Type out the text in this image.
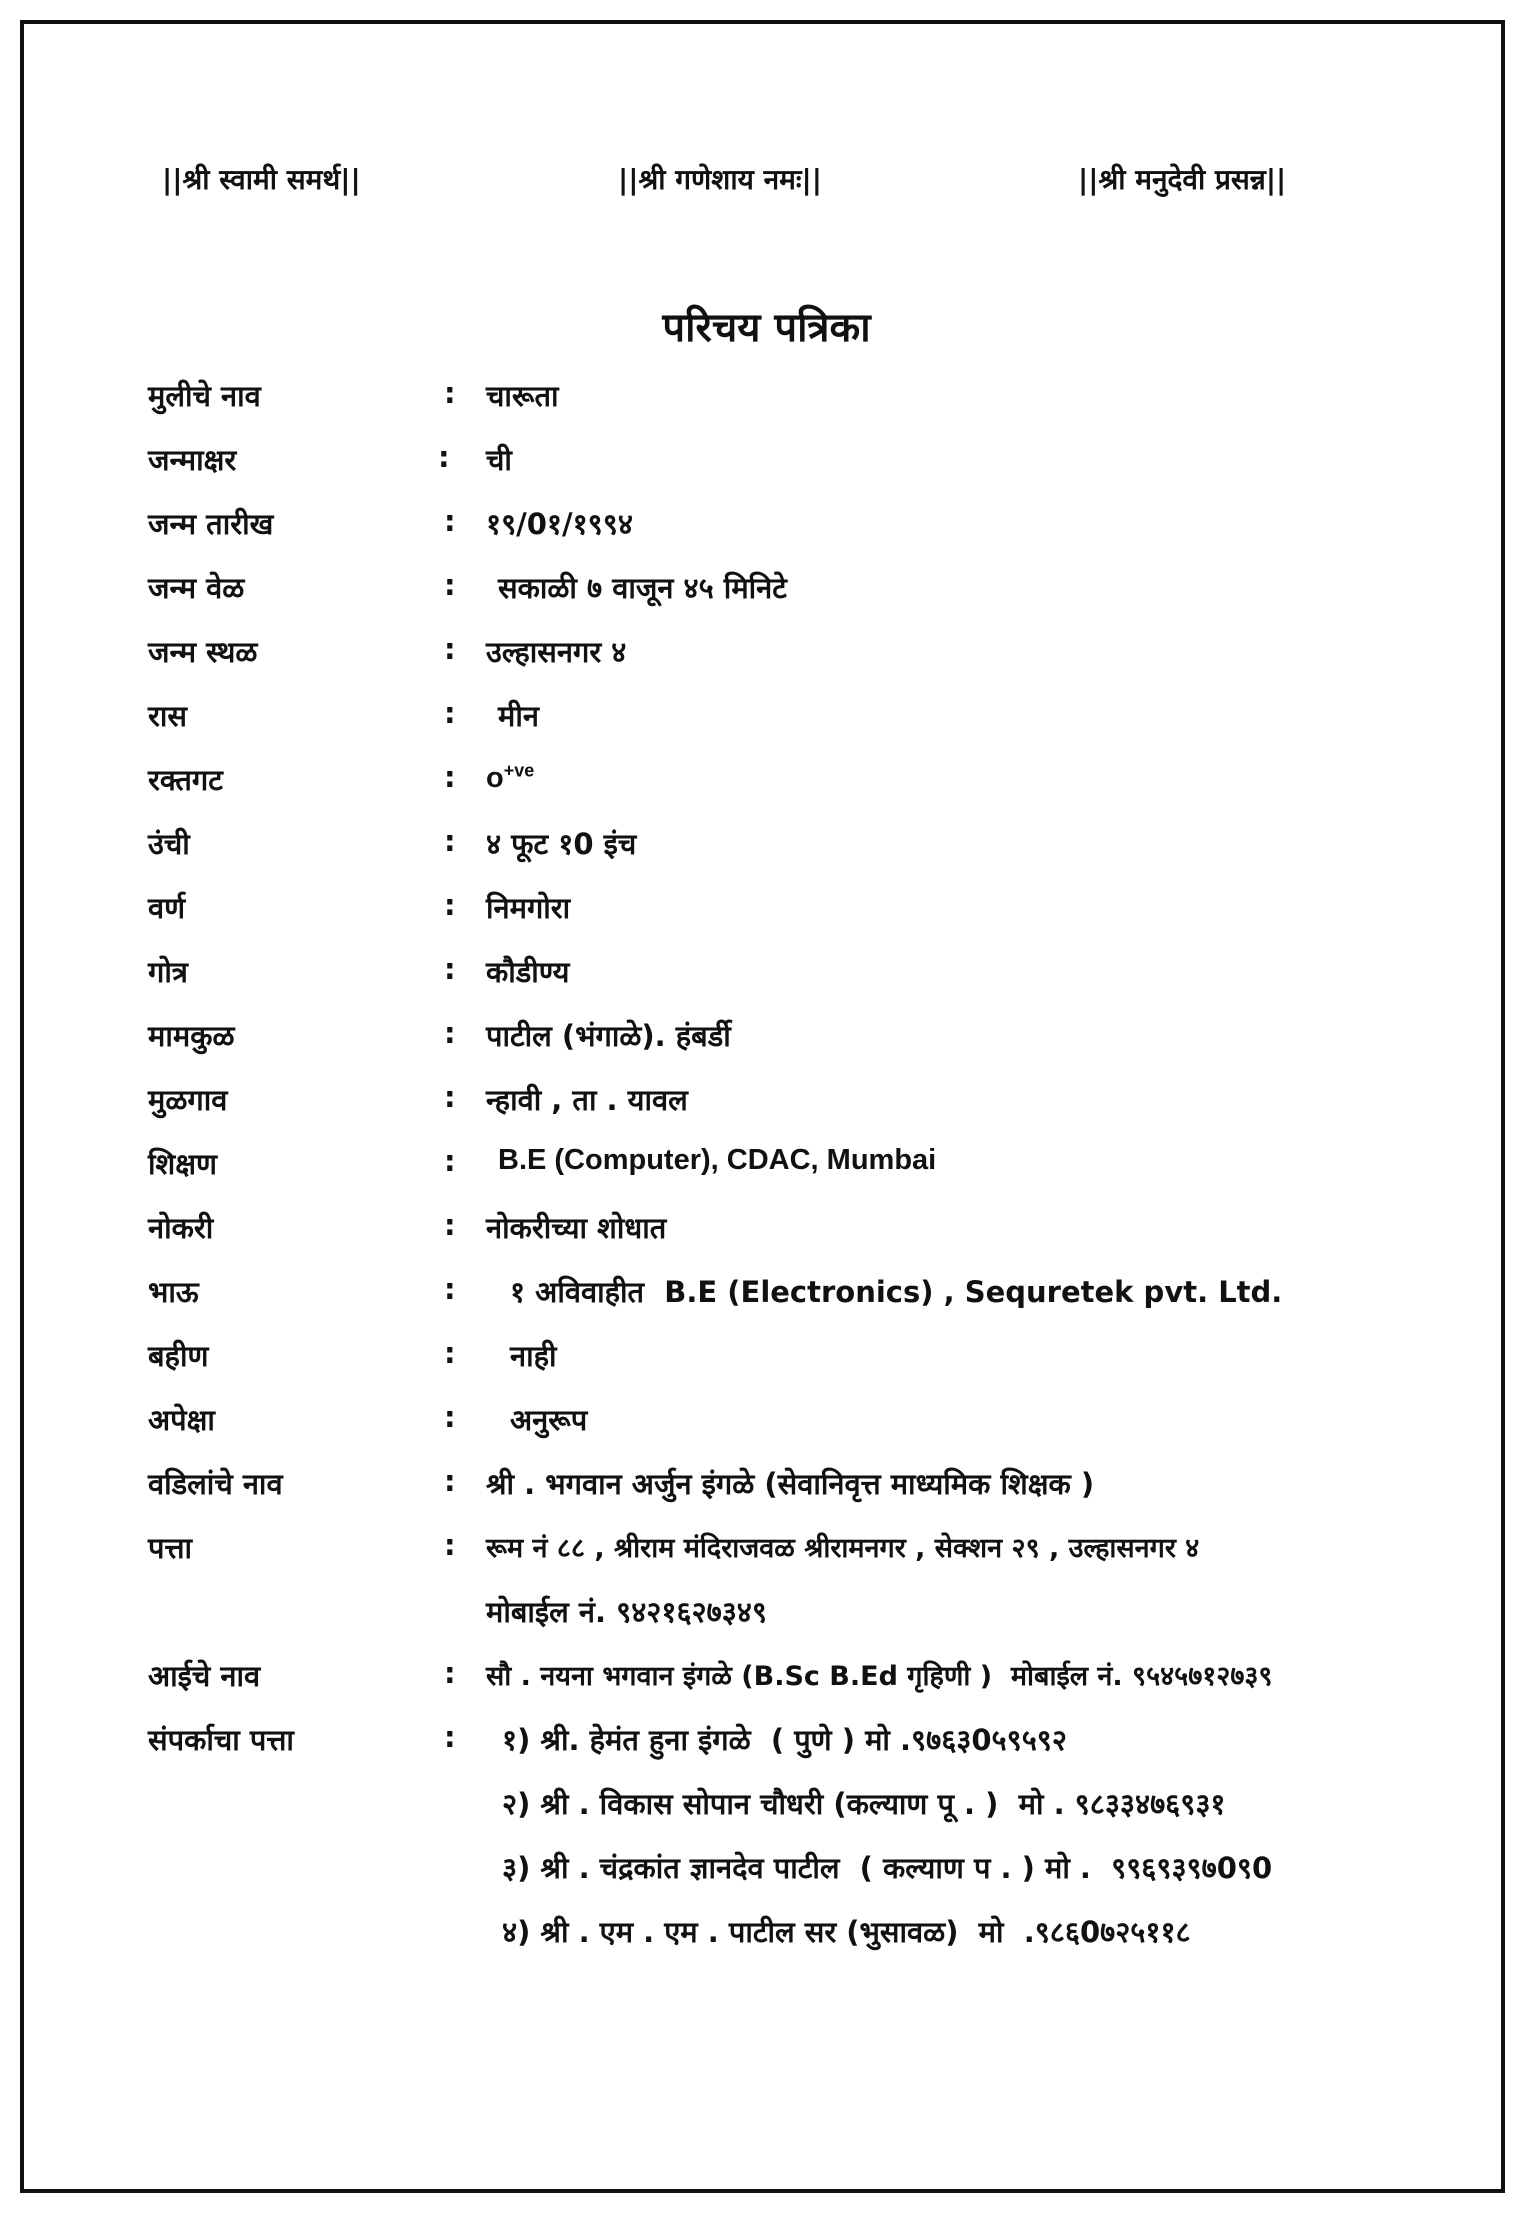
||श्री स्वामी समर्थ||	||श्री गणेशाय नमः||	||श्री मनुदेवी प्रसन्न||
परिचय पत्रिका
मुलीचे नाव	: चारूता
जन्माक्षर	: ची
जन्म तारीख	: १९/0१/१९९४
जन्म वेळ	: सकाळी ७ वाजून ४५ मिनिटे
जन्म स्थळ	: उल्हासनगर ४
रास	: मीन
रक्तगट	: $o^{+ve}$
उंची	: ४ फूट १0 इंच
वर्ण	: निमगोरा
गोत्र	: कौडीण्य
मामकुळ	: पाटील (भंगाळे). हंबर्डी
मुळगाव	: न्हावी , ता . यावल
शिक्षण	: B.E (Computer), CDAC, Mumbai
नोकरी	: नोकरीच्या शोधात
भाऊ	: १ अविवाहीत  B.E (Electronics) , Sequretek pvt. Ltd.
बहीण	: नाही
अपेक्षा	: अनुरूप
वडिलांचे नाव	: श्री . भगवान अर्जुन इंगळे (सेवानिवृत्त माध्यमिक शिक्षक )
पत्ता	: रूम नं ८८ , श्रीराम मंदिराजवळ श्रीरामनगर , सेक्शन २९ , उल्हासनगर ४
मोबाईल नं. ९४२१६२७३४९
आईचे नाव	: सौ . नयना भगवान इंगळे (B.Sc B.Ed गृहिणी )  मोबाईल नं. ९५४५७१२७३९
संपर्काचा पत्ता	: १) श्री. हेमंत हुना इंगळे  ( पुणे ) मो .९७६३0५९५९२
२) श्री . विकास सोपान चौधरी (कल्याण पू . )  मो . ९८३३४७६९३१
३) श्री . चंद्रकांत ज्ञानदेव पाटील  ( कल्याण प . ) मो .  ९९६९३९७0९0
४) श्री . एम . एम . पाटील सर (भुसावळ)  मो  .९८६0७२५११८
